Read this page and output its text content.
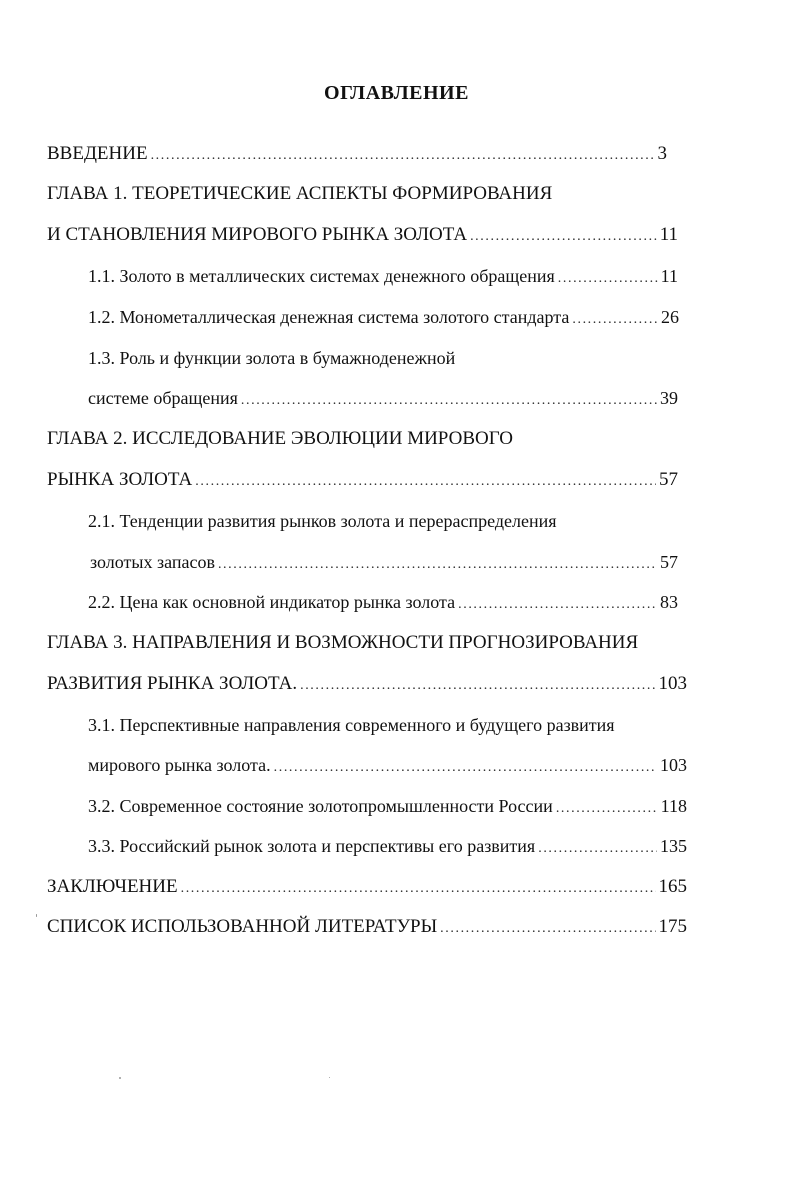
ОГЛАВЛЕНИЕ
ВВЕДЕНИЕ .....	3
ГЛАВА 1. ТЕОРЕТИЧЕСКИЕ АСПЕКТЫ ФОРМИРОВАНИЯ
И СТАНОВЛЕНИЯ МИРОВОГО РЫНКА ЗОЛОТА .....	11
1.1. Золото в металлических системах денежного обращения .....	11
1.2. Монометаллическая денежная система золотого стандарта .....	26
1.3. Роль и функции золота в бумажноденежной
системе обращения .....	39
ГЛАВА 2. ИССЛЕДОВАНИЕ ЭВОЛЮЦИИ МИРОВОГО
РЫНКА ЗОЛОТА .....	57
2.1. Тенденции развития рынков золота и перераспределения
золотых запасов .....	57
2.2. Цена как основной индикатор рынка золота .....	83
ГЛАВА 3. НАПРАВЛЕНИЯ И ВОЗМОЖНОСТИ ПРОГНОЗИРОВАНИЯ
РАЗВИТИЯ РЫНКА ЗОЛОТА. .....	103
3.1. Перспективные направления современного и будущего развития
мирового рынка золота. .....	103
3.2. Современное состояние золотопромышленности России .....	118
3.3. Российский рынок золота и перспективы его развития .....	135
ЗАКЛЮЧЕНИЕ .....	165
СПИСОК ИСПОЛЬЗОВАННОЙ ЛИТЕРАТУРЫ .....	175
